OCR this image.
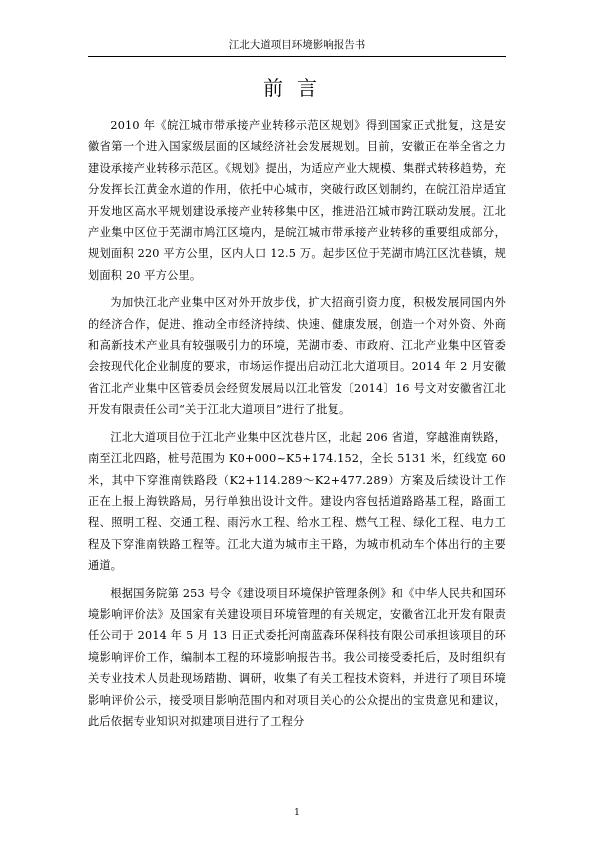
江北大道项目环境影响报告书
前言

2010 年《皖江城市带承接产业转移示范区规划》得到国家正式批复，这是安徽省第一个进入国家级层面的区域经济社会发展规划。目前，安徽正在举全省之力建设承接产业转移示范区。《规划》提出，为适应产业大规模、集群式转移趋势，充分发挥长江黄金水道的作用，依托中心城市，突破行政区划制约，在皖江沿岸适宜开发地区高水平规划建设承接产业转移集中区，推进沿江城市跨江联动发展。江北产业集中区位于芜湖市鸠江区境内，是皖江城市带承接产业转移的重要组成部分，规划面积 220 平方公里，区内人口 12.5 万。起步区位于芜湖市鸠江区沈巷镇，规划面积 20 平方公里。

为加快江北产业集中区对外开放步伐，扩大招商引资力度，积极发展同国内外的经济合作，促进、推动全市经济持续、快速、健康发展，创造一个对外资、外商和高新技术产业具有较强吸引力的环境，芜湖市委、市政府、江北产业集中区管委会按现代化企业制度的要求，市场运作提出启动江北大道项目。2014 年 2 月安徽省江北产业集中区管委员会经贸发展局以江北管发〔2014〕16 号文对安徽省江北开发有限责任公司“关于江北大道项目”进行了批复。

江北大道项目位于江北产业集中区沈巷片区，北起 206 省道，穿越淮南铁路，南至江北四路，桩号范围为 K0+000~K5+174.152，全长 5131 米，红线宽 60 米，其中下穿淮南铁路段（K2+114.289～K2+477.289）方案及后续设计工作正在上报上海铁路局，另行单独出设计文件。建设内容包括道路路基工程，路面工程、照明工程、交通工程、雨污水工程、给水工程、燃气工程、绿化工程、电力工程及下穿淮南铁路工程等。江北大道为城市主干路，为城市机动车个体出行的主要通道。

根据国务院第 253 号令《建设项目环境保护管理条例》和《中华人民共和国环境影响评价法》及国家有关建设项目环境管理的有关规定，安徽省江北开发有限责任公司于 2014 年 5 月 13 日正式委托河南蓝森环保科技有限公司承担该项目的环境影响评价工作，编制本工程的环境影响报告书。我公司接受委托后，及时组织有关专业技术人员赴现场踏勘、调研，收集了有关工程技术资料，并进行了项目环境影响评价公示，接受项目影响范围内和对项目关心的公众提出的宝贵意见和建议，此后依据专业知识对拟建项目进行了工程分

1
